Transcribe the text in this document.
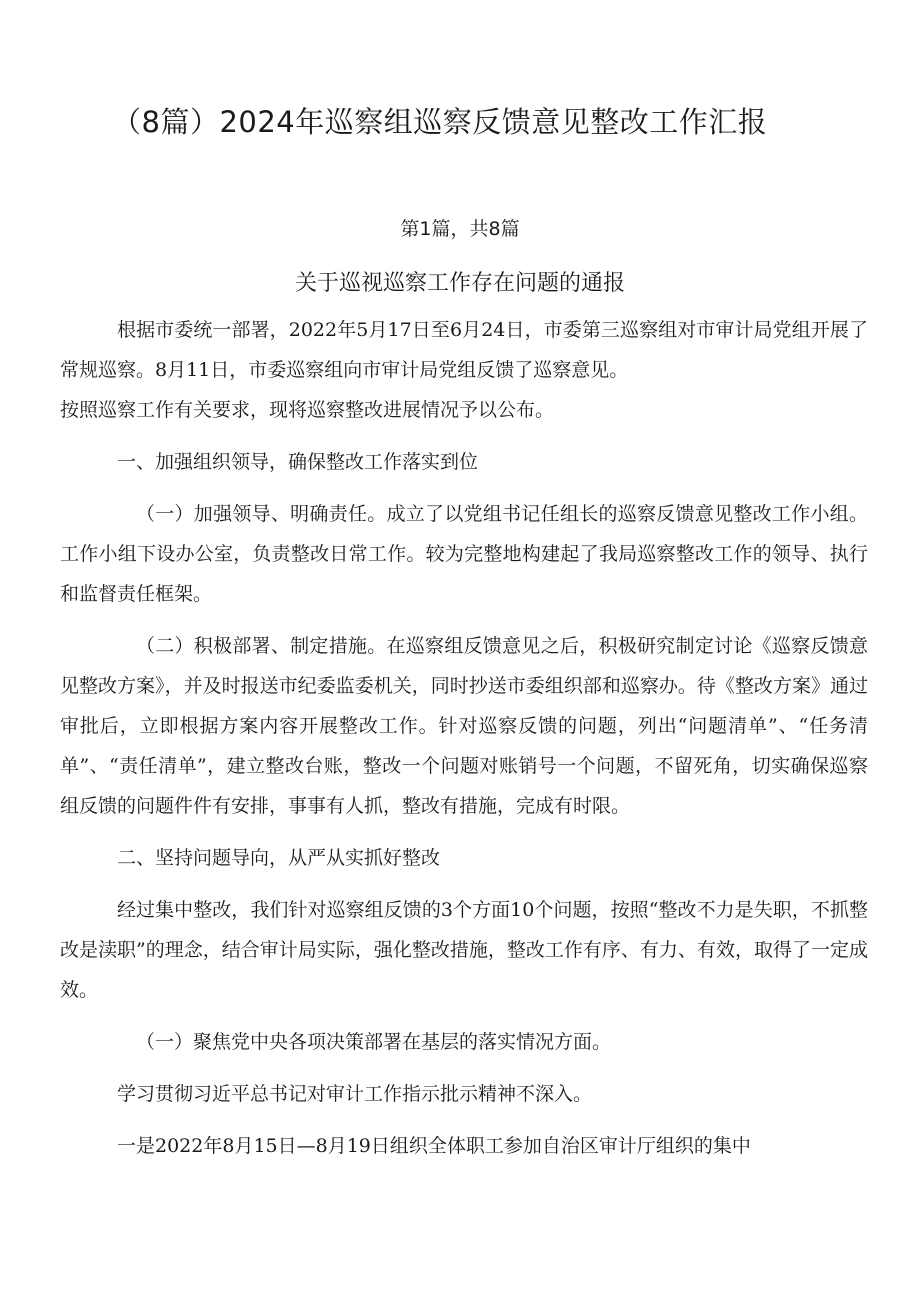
（8篇）2024年巡察组巡察反馈意见整改工作汇报
第1篇，共8篇
关于巡视巡察工作存在问题的通报

根据市委统一部署，2022年5月17日至6月24日，市委第三巡察组对市审计局党组开展了常规巡察。8月11日，市委巡察组向市审计局党组反馈了巡察意见。

按照巡察工作有关要求，现将巡察整改进展情况予以公布。

一、加强组织领导，确保整改工作落实到位

（一）加强领导、明确责任。成立了以党组书记任组长的巡察反馈意见整改工作小组。工作小组下设办公室，负责整改日常工作。较为完整地构建起了我局巡察整改工作的领导、执行和监督责任框架。

（二）积极部署、制定措施。在巡察组反馈意见之后，积极研究制定讨论《巡察反馈意见整改方案》，并及时报送市纪委监委机关，同时抄送市委组织部和巡察办。待《整改方案》通过审批后，立即根据方案内容开展整改工作。针对巡察反馈的问题，列出“问题清单”、“任务清单”、“责任清单”，建立整改台账，整改一个问题对账销号一个问题，不留死角，切实确保巡察组反馈的问题件件有安排，事事有人抓，整改有措施，完成有时限。

二、坚持问题导向，从严从实抓好整改

经过集中整改，我们针对巡察组反馈的3个方面10个问题，按照“整改不力是失职，不抓整改是渎职”的理念，结合审计局实际，强化整改措施，整改工作有序、有力、有效，取得了一定成效。

（一）聚焦党中央各项决策部署在基层的落实情况方面。

学习贯彻习近平总书记对审计工作指示批示精神不深入。

一是2022年8月15日—8月19日组织全体职工参加自治区审计厅组织的集中
